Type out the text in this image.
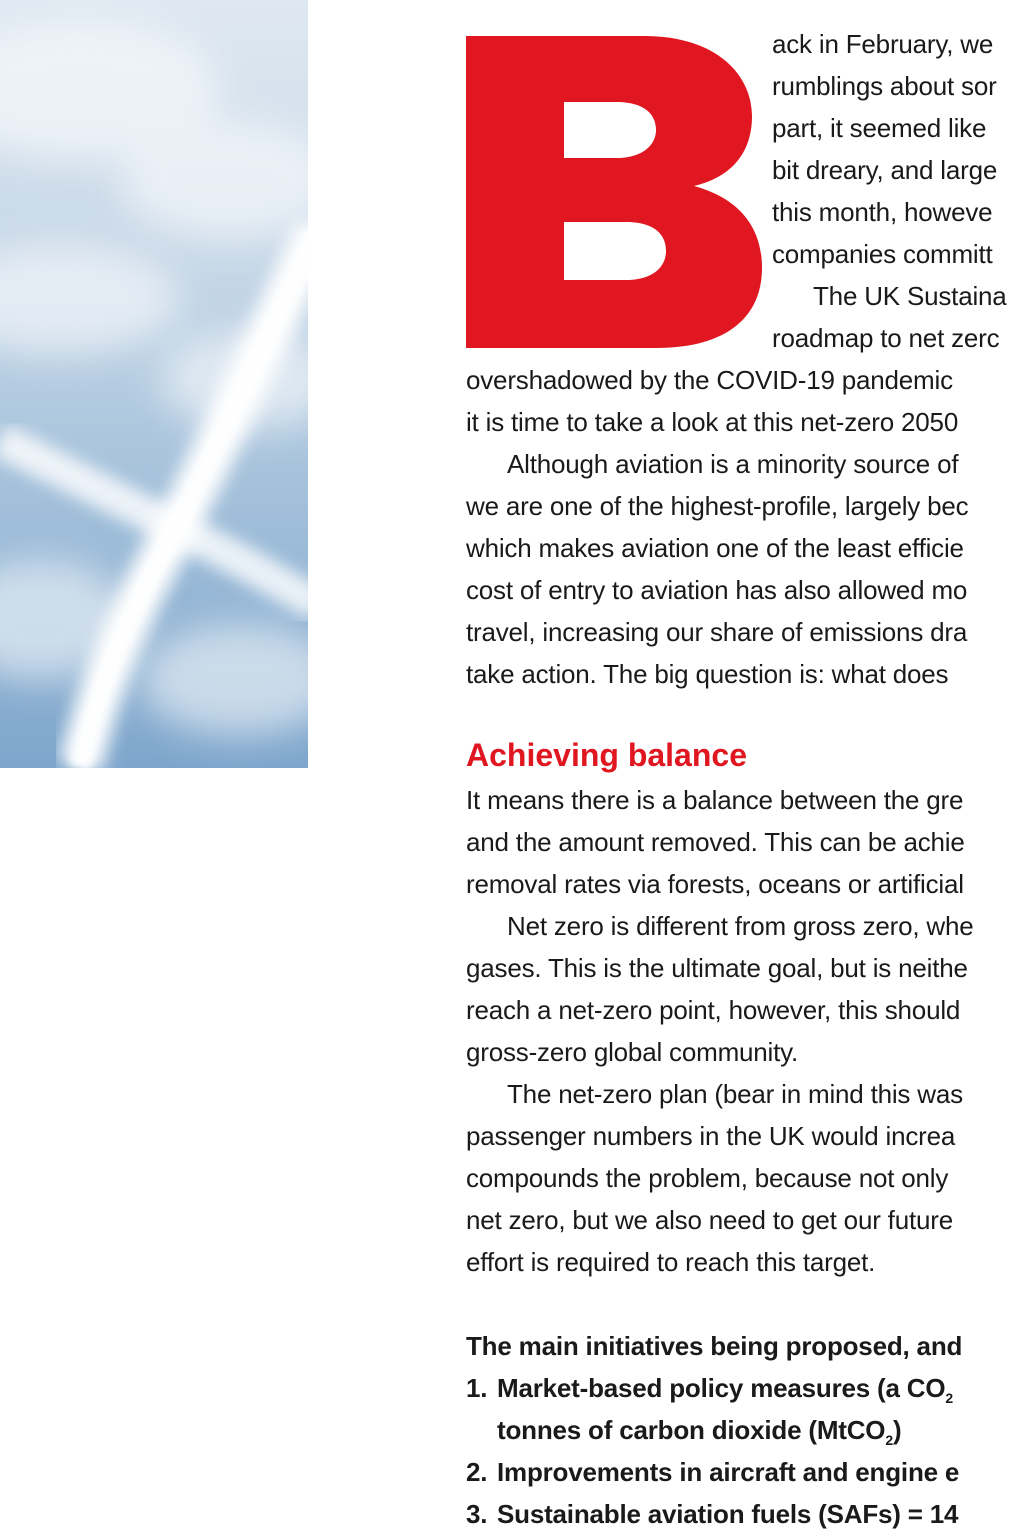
ack in February, we
rumblings about sor
part, it seemed like
bit dreary, and large
this month, howeve
companies committ
The UK Sustaina
roadmap to net zerc
overshadowed by the COVID-19 pandemic
it is time to take a look at this net-zero 2050
Although aviation is a minority source of
we are one of the highest-profile, largely bec
which makes aviation one of the least efficie
cost of entry to aviation has also allowed mo
travel, increasing our share of emissions dra
take action. The big question is: what does
Achieving balance
It means there is a balance between the gre
and the amount removed. This can be achie
removal rates via forests, oceans or artificial
Net zero is different from gross zero, whe
gases. This is the ultimate goal, but is neithe
reach a net-zero point, however, this should
gross-zero global community.
The net-zero plan (bear in mind this was
passenger numbers in the UK would increa
compounds the problem, because not only
net zero, but we also need to get our future
effort is required to reach this target.
The main initiatives being proposed, and
1. Market-based policy measures (a $CO_2$
tonnes of carbon dioxide (MtCO$_2$)
2. Improvements in aircraft and engine e
3. Sustainable aviation fuels (SAFs) = 14
